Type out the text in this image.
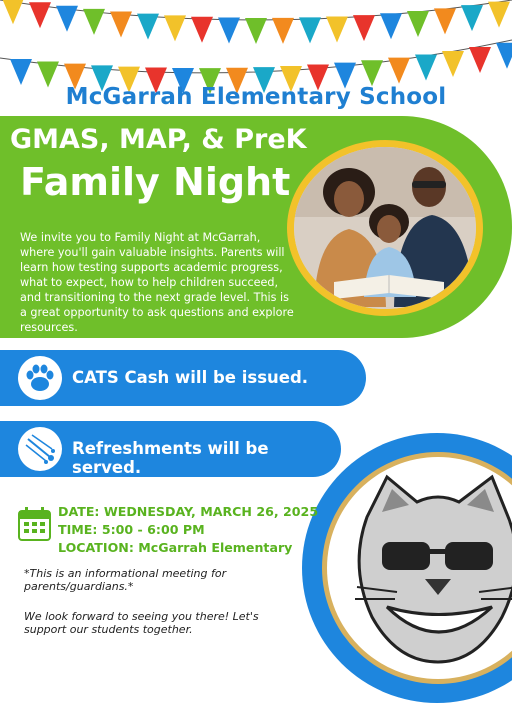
McGarrah Elementary School
GMAS, MAP, & PreK
Family Night
We invite you to Family Night at McGarrah, where you'll gain valuable insights. Parents will learn how testing supports academic progress, what to expect, how to help children succeed, and transitioning to the next grade level. This is a great opportunity to ask questions and explore resources.
CATS Cash will be issued.
Refreshments will be served.
DATE: WEDNESDAY, MARCH 26, 2025
TIME: 5:00 - 6:00 PM
LOCATION: McGarrah Elementary
*This is an informational meeting for parents/guardians.*
We look forward to seeing you there! Let's support our students together.
